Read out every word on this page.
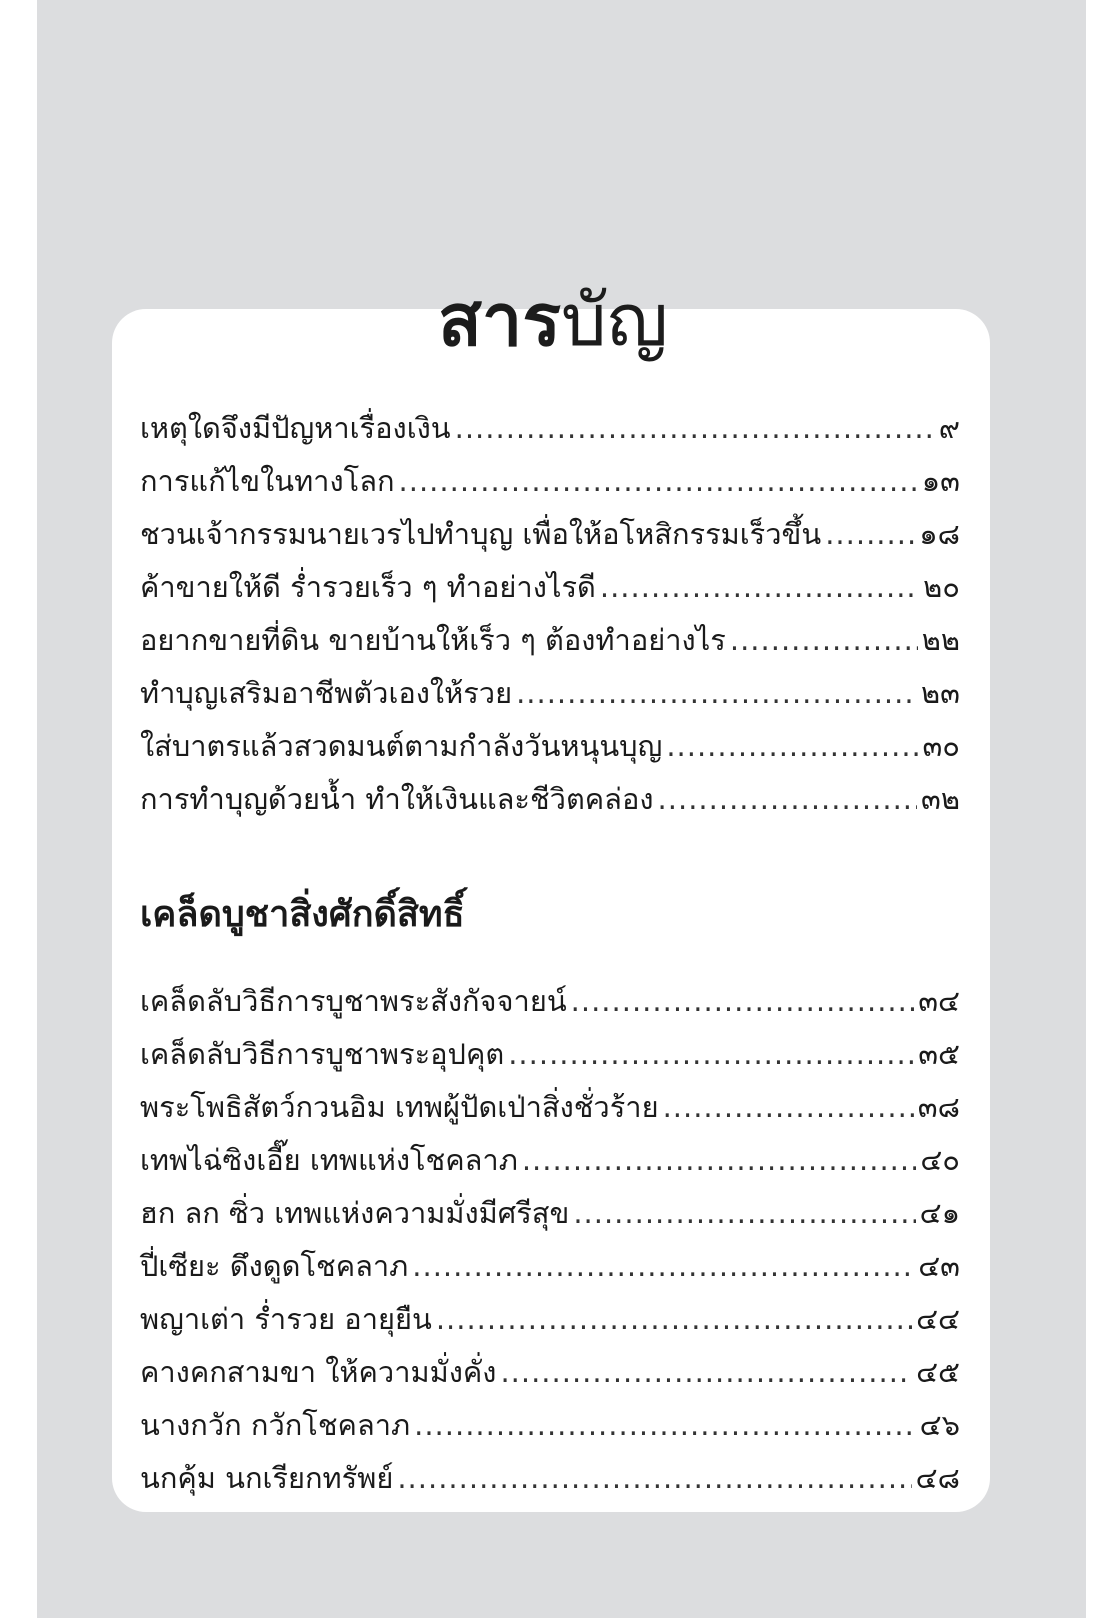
สารบัญ
เหตุใดจึงมีปัญหาเรื่องเงิน .....	๙
การแก้ไขในทางโลก .....	๑๓
ชวนเจ้ากรรมนายเวรไปทำบุญ เพื่อให้อโหสิกรรมเร็วขึ้น .....	๑๘
ค้าขายให้ดี ร่ำรวยเร็ว ๆ ทำอย่างไรดี .....	๒๐
อยากขายที่ดิน ขายบ้านให้เร็ว ๆ ต้องทำอย่างไร .....	๒๒
ทำบุญเสริมอาชีพตัวเองให้รวย .....	๒๓
ใส่บาตรแล้วสวดมนต์ตามกำลังวันหนุนบุญ .....	๓๐
การทำบุญด้วยน้ำ ทำให้เงินและชีวิตคล่อง .....	๓๒
เคล็ดบูชาสิ่งศักดิ์สิทธิ์
เคล็ดลับวิธีการบูชาพระสังกัจจายน์ .....	๓๔
เคล็ดลับวิธีการบูชาพระอุปคุต .....	๓๕
พระโพธิสัตว์กวนอิม เทพผู้ปัดเป่าสิ่งชั่วร้าย .....	๓๘
เทพไฉ่ซิงเอี๊ย เทพแห่งโชคลาภ .....	๔๐
ฮก ลก ซิ่ว เทพแห่งความมั่งมีศรีสุข .....	๔๑
ปี่เซียะ ดึงดูดโชคลาภ .....	๔๓
พญาเต่า ร่ำรวย อายุยืน .....	๔๔
คางคกสามขา ให้ความมั่งคั่ง .....	๔๕
นางกวัก กวักโชคลาภ .....	๔๖
นกคุ้ม นกเรียกทรัพย์ .....	๔๘
